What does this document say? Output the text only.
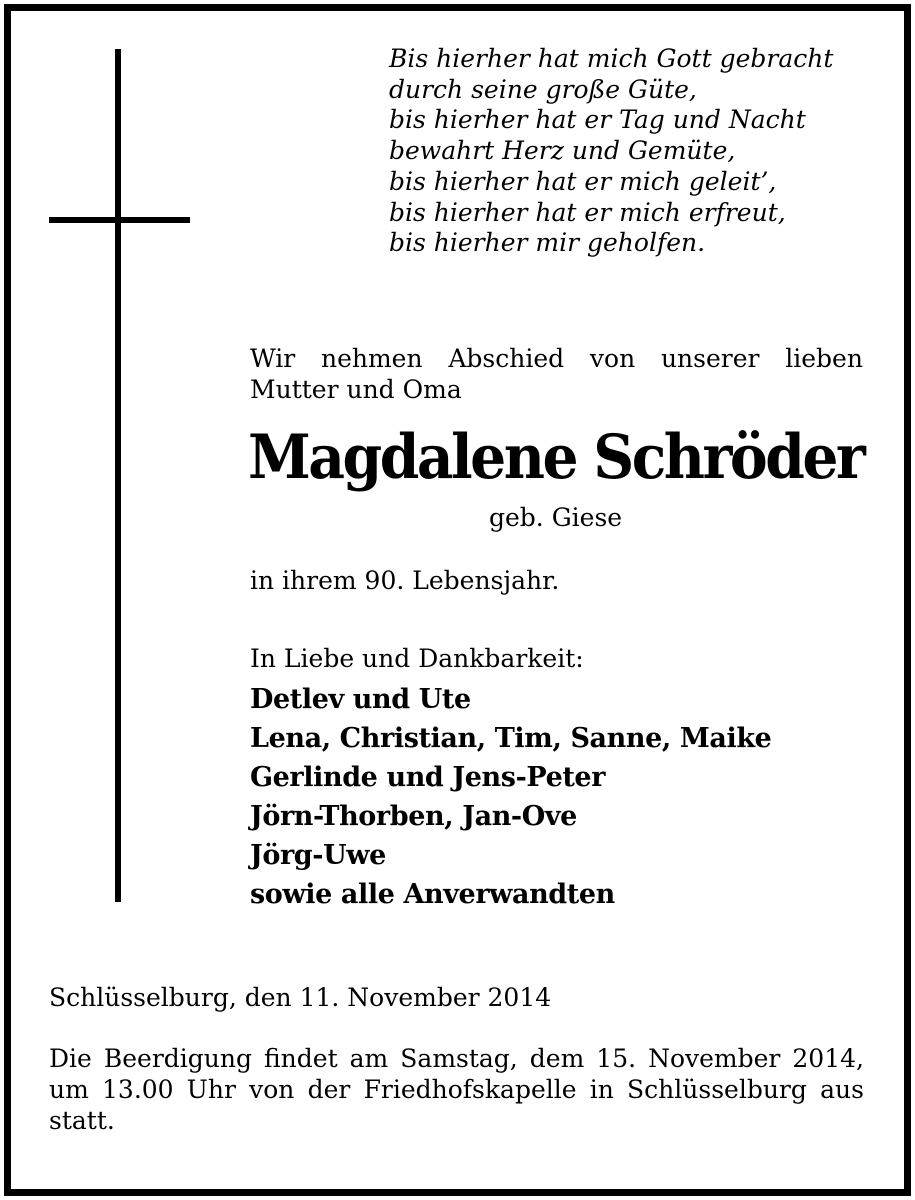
Bis hierher hat mich Gott gebracht
durch seine große Güte,
bis hierher hat er Tag und Nacht
bewahrt Herz und Gemüte,
bis hierher hat er mich geleit’,
bis hierher hat er mich erfreut,
bis hierher mir geholfen.
Wir nehmen Abschied von unserer lieben
Mutter und Oma
Magdalene Schröder
geb. Giese
in ihrem 90. Lebensjahr.
In Liebe und Dankbarkeit:
Detlev und Ute
Lena, Christian, Tim, Sanne, Maike
Gerlinde und Jens-Peter
Jörn-Thorben, Jan-Ove
Jörg-Uwe
sowie alle Anverwandten
Schlüsselburg, den 11. November 2014
Die Beerdigung findet am Samstag, dem 15. November 2014,
um 13.00 Uhr von der Friedhofskapelle in Schlüsselburg aus
statt.
